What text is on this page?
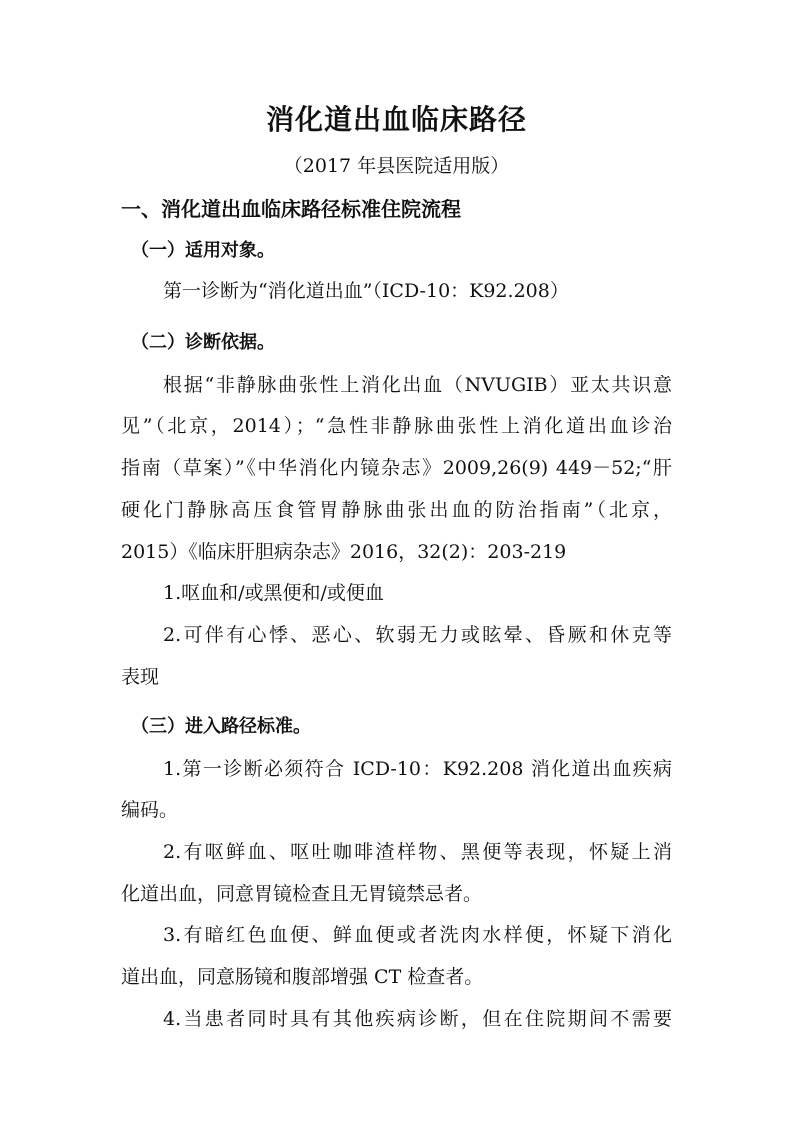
消化道出血临床路径
（2017 年县医院适用版）
一、消化道出血临床路径标准住院流程
（一）适用对象。
第一诊断为“消化道出血”（ICD-10：K92.208）
（二）诊断依据。
根据“非静脉曲张性上消化出血（NVUGIB）亚太共识意
见”（北京，2014）；“急性非静脉曲张性上消化道出血诊治
指南（草案）”《中华消化内镜杂志》2009,26(9) 449－52;“肝
硬化门静脉高压食管胃静脉曲张出血的防治指南”（北京，
2015）《临床肝胆病杂志》2016，32(2)：203-219
1.呕血和/或黑便和/或便血
2.可伴有心悸、恶心、软弱无力或眩晕、昏厥和休克等
表现
（三）进入路径标准。
1.第一诊断必须符合 ICD-10：K92.208 消化道出血疾病
编码。
2.有呕鲜血、呕吐咖啡渣样物、黑便等表现，怀疑上消
化道出血，同意胃镜检查且无胃镜禁忌者。
3.有暗红色血便、鲜血便或者洗肉水样便，怀疑下消化
道出血，同意肠镜和腹部增强 CT 检查者。
4.当患者同时具有其他疾病诊断，但在住院期间不需要
